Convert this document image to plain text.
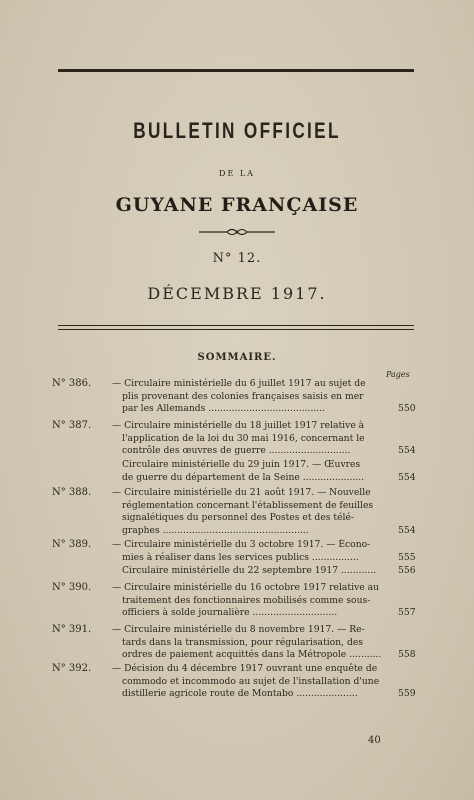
BULLETIN OFFICIEL
DE LA
GUYANE FRANÇAISE
N° 12.
DÉCEMBRE 1917.
SOMMAIRE.
Pages
N° 386.	— Circulaire ministérielle du 6 juillet 1917 au sujet de
plis provenant des colonies françaises saisis en mer
par les Allemands ........................................	550
N° 387.	— Circulaire ministérielle du 18 juillet 1917 relative à
l'application de la loi du 30 mai 1916, concernant le
contrôle des œuvres de guerre ............................	554
Circulaire ministérielle du 29 juin 1917. — Œuvres
de guerre du département de la Seine .....................	554
N° 388.	— Circulaire ministérielle du 21 août 1917. — Nouvelle
réglementation concernant l'établissement de feuilles
signalétiques du personnel des Postes et des télé-
graphes ..................................................	554
N° 389.	— Circulaire ministérielle du 3 octobre 1917. — Écono-
mies à réaliser dans les services publics ................	555
Circulaire ministérielle du 22 septembre 1917 ............	556
N° 390.	— Circulaire ministérielle du 16 octobre 1917 relative au
traitement des fonctionnaires mobilisés comme sous-
officiers à solde journalière .............................	557
N° 391.	— Circulaire ministérielle du 8 novembre 1917. — Re-
tards dans la transmission, pour régularisation, des
ordres de paiement acquittés dans la Métropole ...........	558
N° 392.	— Décision du 4 décembre 1917 ouvrant une enquête de
commodo et incommodo au sujet de l'installation d'une
distillerie agricole route de Montabo .....................	559
40
